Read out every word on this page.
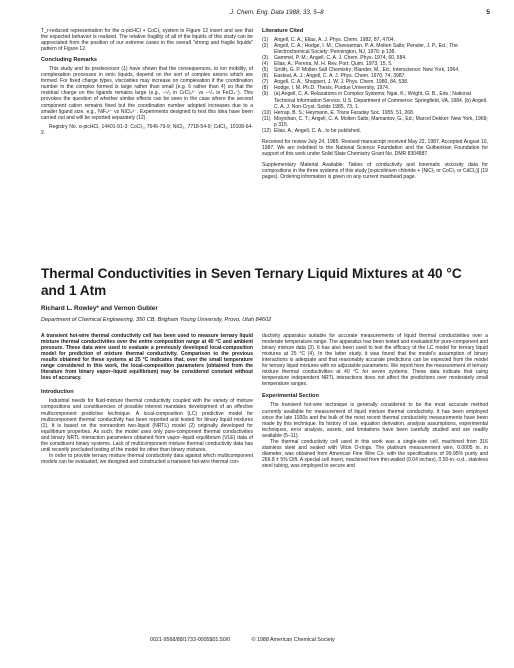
J. Chem. Eng. Data 1988, 33, 5–8	5

T_r-reduced representation for the α-picHCl + CoCl₂ system in Figure 12 insert and see that the expected behavior is realized. The relative fragility of all of the liquids of this study can be appreciated from the position of our extreme cases in the overall "strong and fragile liquids" pattern of Figure 12.

Concluding Remarks

This study and its predecessor (1) have shown that the consequences, to ion mobility, of complexation processes in ionic liquids, depend on the sort of complex anions which are formed. For fixed charge types, viscosities may increase on complexation if the coordination number in the complex formed is large rather than small (e.g. 6 rather than 4) so that the residual charge on the ligands remains large (e.g., −¹/₂ in CrCl₆³⁻ vs −¹/₄ in FeCl₄⁻). This provokes the question of whether similar effects can be seen in the case where the second component cation remains fixed but the coordination number adopted increases due to a smaller ligand size, e.g., NiF₄²⁻ vs NiCl₄²⁻. Experiments designed to test this idea have been carried out and will be reported separately (12).

Registry No. α-picHCl, 14401-91-3; CoCl₂, 7646-79-9; NiCl₂, 7718-54-9; CdCl₂, 10108-64-2.

Literature Cited
(1)	Angell, C. A.; Ellas, A. J. Phys. Chem. 1982, 87, 4704.
(2)	Angell, C. A.; Hodge, I. M.; Cheeseman, P. A. Molten Salts; Pensler, J. P., Ed.; The Electrochemical Society: Pennington, NJ, 1976; p 138.
(3)	Gammel, P. M.; Angell, C. A. J. Chem. Phys. 1974, 60, 584.
(4)	Elias, A.; Pereira, M. H. Rev. Port. Quim. 1973, 15, 5.
(5)	Smith, G. P. Molten Salt Chemistry; Blander, M., Ed.; Interscience: New York, 1964.
(6)	Easteal, A. J.; Angell, C. A. J. Phys. Chem. 1970, 74, 3987.
(7)	Angell, C. A.; Shuppert, J. W. J. Phys. Chem. 1980, 84, 538.
(8)	Hodge, I. M. Ph.D. Thesis, Purdue University, 1974.
(9)	(a) Angell, C. A. Relaxations in Complex Systems; Ngai, K.; Wright, G. B., Eds.; National Technical Information Service, U.S. Department of Commerce: Springfield, VA, 1984. (b) Angell, C. A. J. Non-Cryst. Solids 1985, 73, 1.
(10) Herrap, B. S.; Heymann, E. Trans Faraday Soc. 1955, 51, 268.
(11) Moynihan, C. T.; Angell, C. A. Molten Salts; Mamantov, G., Ed.; Marcel Dekker: New York, 1969; p 315.
(12) Elias, A.; Angell, C. A., to be published.

Received for review July 24, 1985. Revised manuscript received May 22, 1987. Accepted August 10, 1987. We are indebted to the National Science Foundation and the Gulbenkian Foundation for support of this work under Solid State Chemistry Grant No. DMR 8304887.

Supplementary Material Available: Tables of conductivity and kinematic viscosity data for compositions in the three systems of this study [α-picolinium chloride + (NiCl₂ or CoCl₂ or CdCl₂)] (19 pages). Ordering information is given on any current masthead page.

Thermal Conductivities in Seven Ternary Liquid Mixtures at 40 °C and 1 Atm
Richard L. Rowley* and Vernon Gubler
Department of Chemical Engineering, 350 CB, Brigham Young University, Provo, Utah 84602

A transient hot-wire thermal conductivity cell has been used to measure ternary liquid mixture thermal conductivities over the entire composition range at 40 °C and ambient pressure. These data were used to evaluate a previously developed local-composition model for prediction of mixture thermal conductivity. Comparison to the previous results obtained for these systems at 25 °C indicates that, over the small temperature range considered in this work, the local-composition parameters (obtained from the literature from binary vapor–liquid equilibrium) may be considered constant without loss of accuracy.

Introduction

Industrial needs for fluid-mixture thermal conductivity coupled with the variety of mixture compositions and constituencies of possible interest mandates development of an effective multicomponent predictive technique. A local-composition (LC) predictive model for multicomponent thermal conductivity has been reported and tested for binary liquid mixtures (1). It is based on the nonrandom two-liquid (NRTL) model (2) originally developed for equilibrium properties. As such, the model uses only pure-component thermal conductivities and binary NRTL interaction parameters obtained from vapor–liquid equilibrium (VLE) data of the constituent binary systems. Lack of multicomponent mixture thermal conductivity data has until recently precluded testing of the model for other than binary mixtures.

In order to provide ternary mixture thermal conductivity data against which multicomponent models can be evaluated, we designed and constructed a transient hot-wire thermal con-

ductivity apparatus suitable for accurate measurements of liquid thermal conductivities over a moderate temperature range. The apparatus has been tested and evaluated for pure-component and binary mixture data (3). It has also been used to test the efficacy of the LC model for ternary liquid mixtures at 25 °C (4). In the latter study, it was found that the model's assumption of binary interactions is adequate and that reasonably accurate predictions can be expected from the model for ternary liquid mixtures with no adjustable parameters. We report here the measurement of ternary mixture thermal conductivities at 40 °C for seven systems. These data indicate that using temperature independent NRTL interactions does not affect the predictions over moderately small temperature ranges.

Experimental Section

The transient hot-wire technique is generally considered to be the most accurate method currently available for measurement of liquid mixture thermal conductivity. It has been employed since the late 1930s and the bulk of the most recent thermal conductivity measurements have been made by this technique. Its history of use, equation derivation, analysis assumptions, experimental techniques, error analysis, assets, and limitations have been carefully studied and are readily available (5–11).

The thermal conductivity cell used in this work was a single-wire cell, machined from 316 stainless steel and sealed with Viton O-rings. The platinum measurement wire, 0.0005 in. in diameter, was obtained from American Fine Wire Co. with the specifications of 99.95% purity and 266.8 ± 5% Ω/ft. A special cell insert, machined from thin-walled (0.04 inches), 0.50-in.-o.d., stainless steel tubing, was employed to secure and

0021-9568/88/1733-0005$01.50/0	© 1988 American Chemical Society
